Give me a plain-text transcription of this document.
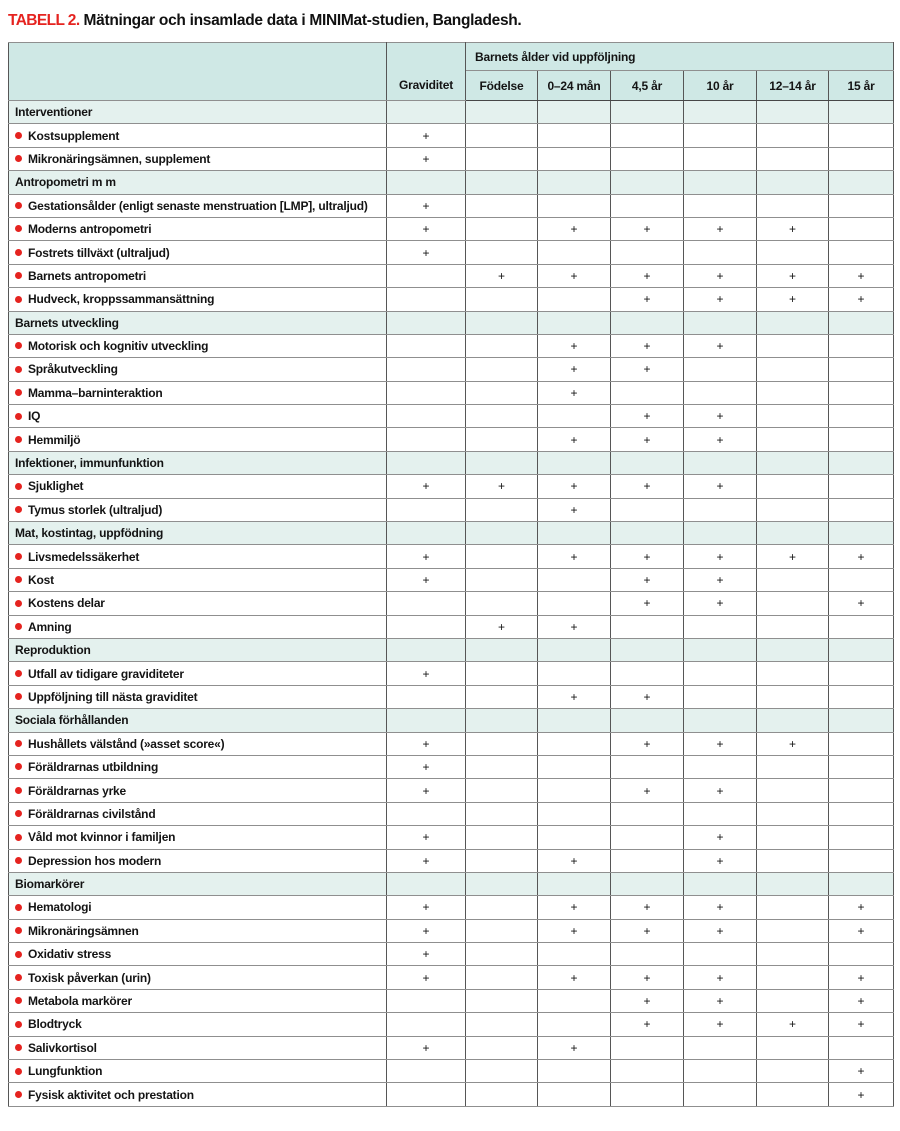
TABELL 2. Mätningar och insamlade data i MINIMat-studien, Bangladesh.
	Graviditet	Barnets ålder vid uppföljning					
		Födelse	0–24 mån	4,5 år	10 år	12–14 år	15 år
Interventioner							
Kostsupplement	+						
Mikronäringsämnen, supplement	+						
Antropometri m m							
Gestationsålder (enligt senaste menstruation [LMP], ultraljud)	+						
Moderns antropometri	+		+	+	+	+	
Fostrets tillväxt (ultraljud)	+						
Barnets antropometri		+	+	+	+	+	+
Hudveck, kroppssammansättning				+	+	+	+
Barnets utveckling							
Motorisk och kognitiv utveckling			+	+	+		
Språkutveckling			+	+			
Mamma–barninteraktion			+				
IQ				+	+		
Hemmiljö			+	+	+		
Infektioner, immunfunktion							
Sjuklighet	+	+	+	+	+		
Tymus storlek (ultraljud)			+				
Mat, kostintag, uppfödning							
Livsmedelssäkerhet	+		+	+	+	+	+
Kost	+			+	+		
Kostens delar				+	+		+
Amning		+	+				
Reproduktion							
Utfall av tidigare graviditeter	+						
Uppföljning till nästa graviditet			+	+			
Sociala förhållanden							
Hushållets välstånd (»asset score«)	+			+	+	+	
Föräldrarnas utbildning	+						
Föräldrarnas yrke	+			+	+		
Föräldrarnas civilstånd							
Våld mot kvinnor i familjen	+				+		
Depression hos modern	+		+		+		
Biomarkörer							
Hematologi	+		+	+	+		+
Mikronäringsämnen	+		+	+	+		+
Oxidativ stress	+						
Toxisk påverkan (urin)	+		+	+	+		+
Metabola markörer				+	+		+
Blodtryck				+	+	+	+
Salivkortisol	+		+				
Lungfunktion							+
Fysisk aktivitet och prestation							+
